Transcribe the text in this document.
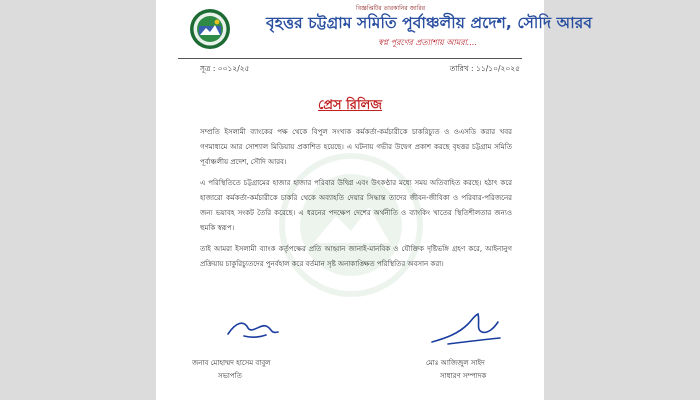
বিজ্ঞপ্তিটির তারকানির জারির
বৃহত্তর চট্টগ্রাম সমিতি পূর্বাঞ্চলীয় প্রদেশ, সৌদি আরব
স্বপ্ন পূরণের প্রত্যাশায় আমরা....
সূত্র : ০০১২/২৫	তারিখ : ১১/১০/২০২৫
প্রেস রিলিজ

সম্প্রতি ইসলামী ব্যাংকের পক্ষ থেকে বিপুল সংখ্যক কর্মকর্তা-কর্মচারীকে চাকরিচ্যুত ও ওএসডি করার খবর গণমাধ্যমে আর সোশ্যাল মিডিয়ায় প্রকাশিত হয়েছে। এ ঘটনায় গভীর উদ্বেগ প্রকাশ করছে বৃহত্তর চট্টগ্রাম সমিতি পূর্বাঞ্চলীয় প্রদেশ, সৌদি আরব।

এ পরিস্থিতিতে চট্টগ্রামের হাজার হাজার পরিবার উদ্বিগ্ন এবং উৎকণ্ঠার মধ্যে সময় অতিবাহিত করছে। হঠাৎ করে হাজারো কর্মকর্তা-কর্মচারীকে চাকরি থেকে অব্যাহতি দেয়ার সিদ্ধান্ত তাদের জীবন-জীবিকা ও পরিবার-পরিজনের জন্য ভয়াবহ সংকট তৈরি করেছে। এ ধরনের পদক্ষেপ দেশের অর্থনীতি ও ব্যাংকিং খাতের স্থিতিশীলতার জন্যও হুমকি স্বরূপ।

তাই আমরা ইসলামী ব্যাংক কর্তৃপক্ষের প্রতি আহ্বান জানাই-মানবিক ও যৌক্তিক দৃষ্টিভঙ্গি গ্রহণ করে, আইনানুগ প্রক্রিয়ায় চাকুরিচ্যুতদের পুনর্বহাল করে বর্তমান সৃষ্ট অনাকাঙ্ক্ষিত পরিস্থিতির অবসান করা।

জনাব মোহাম্মদ হাসেম বাবুল
সভাপতি
মোঃ আজিজুল সাইদ
সাধারণ সম্পাদক
